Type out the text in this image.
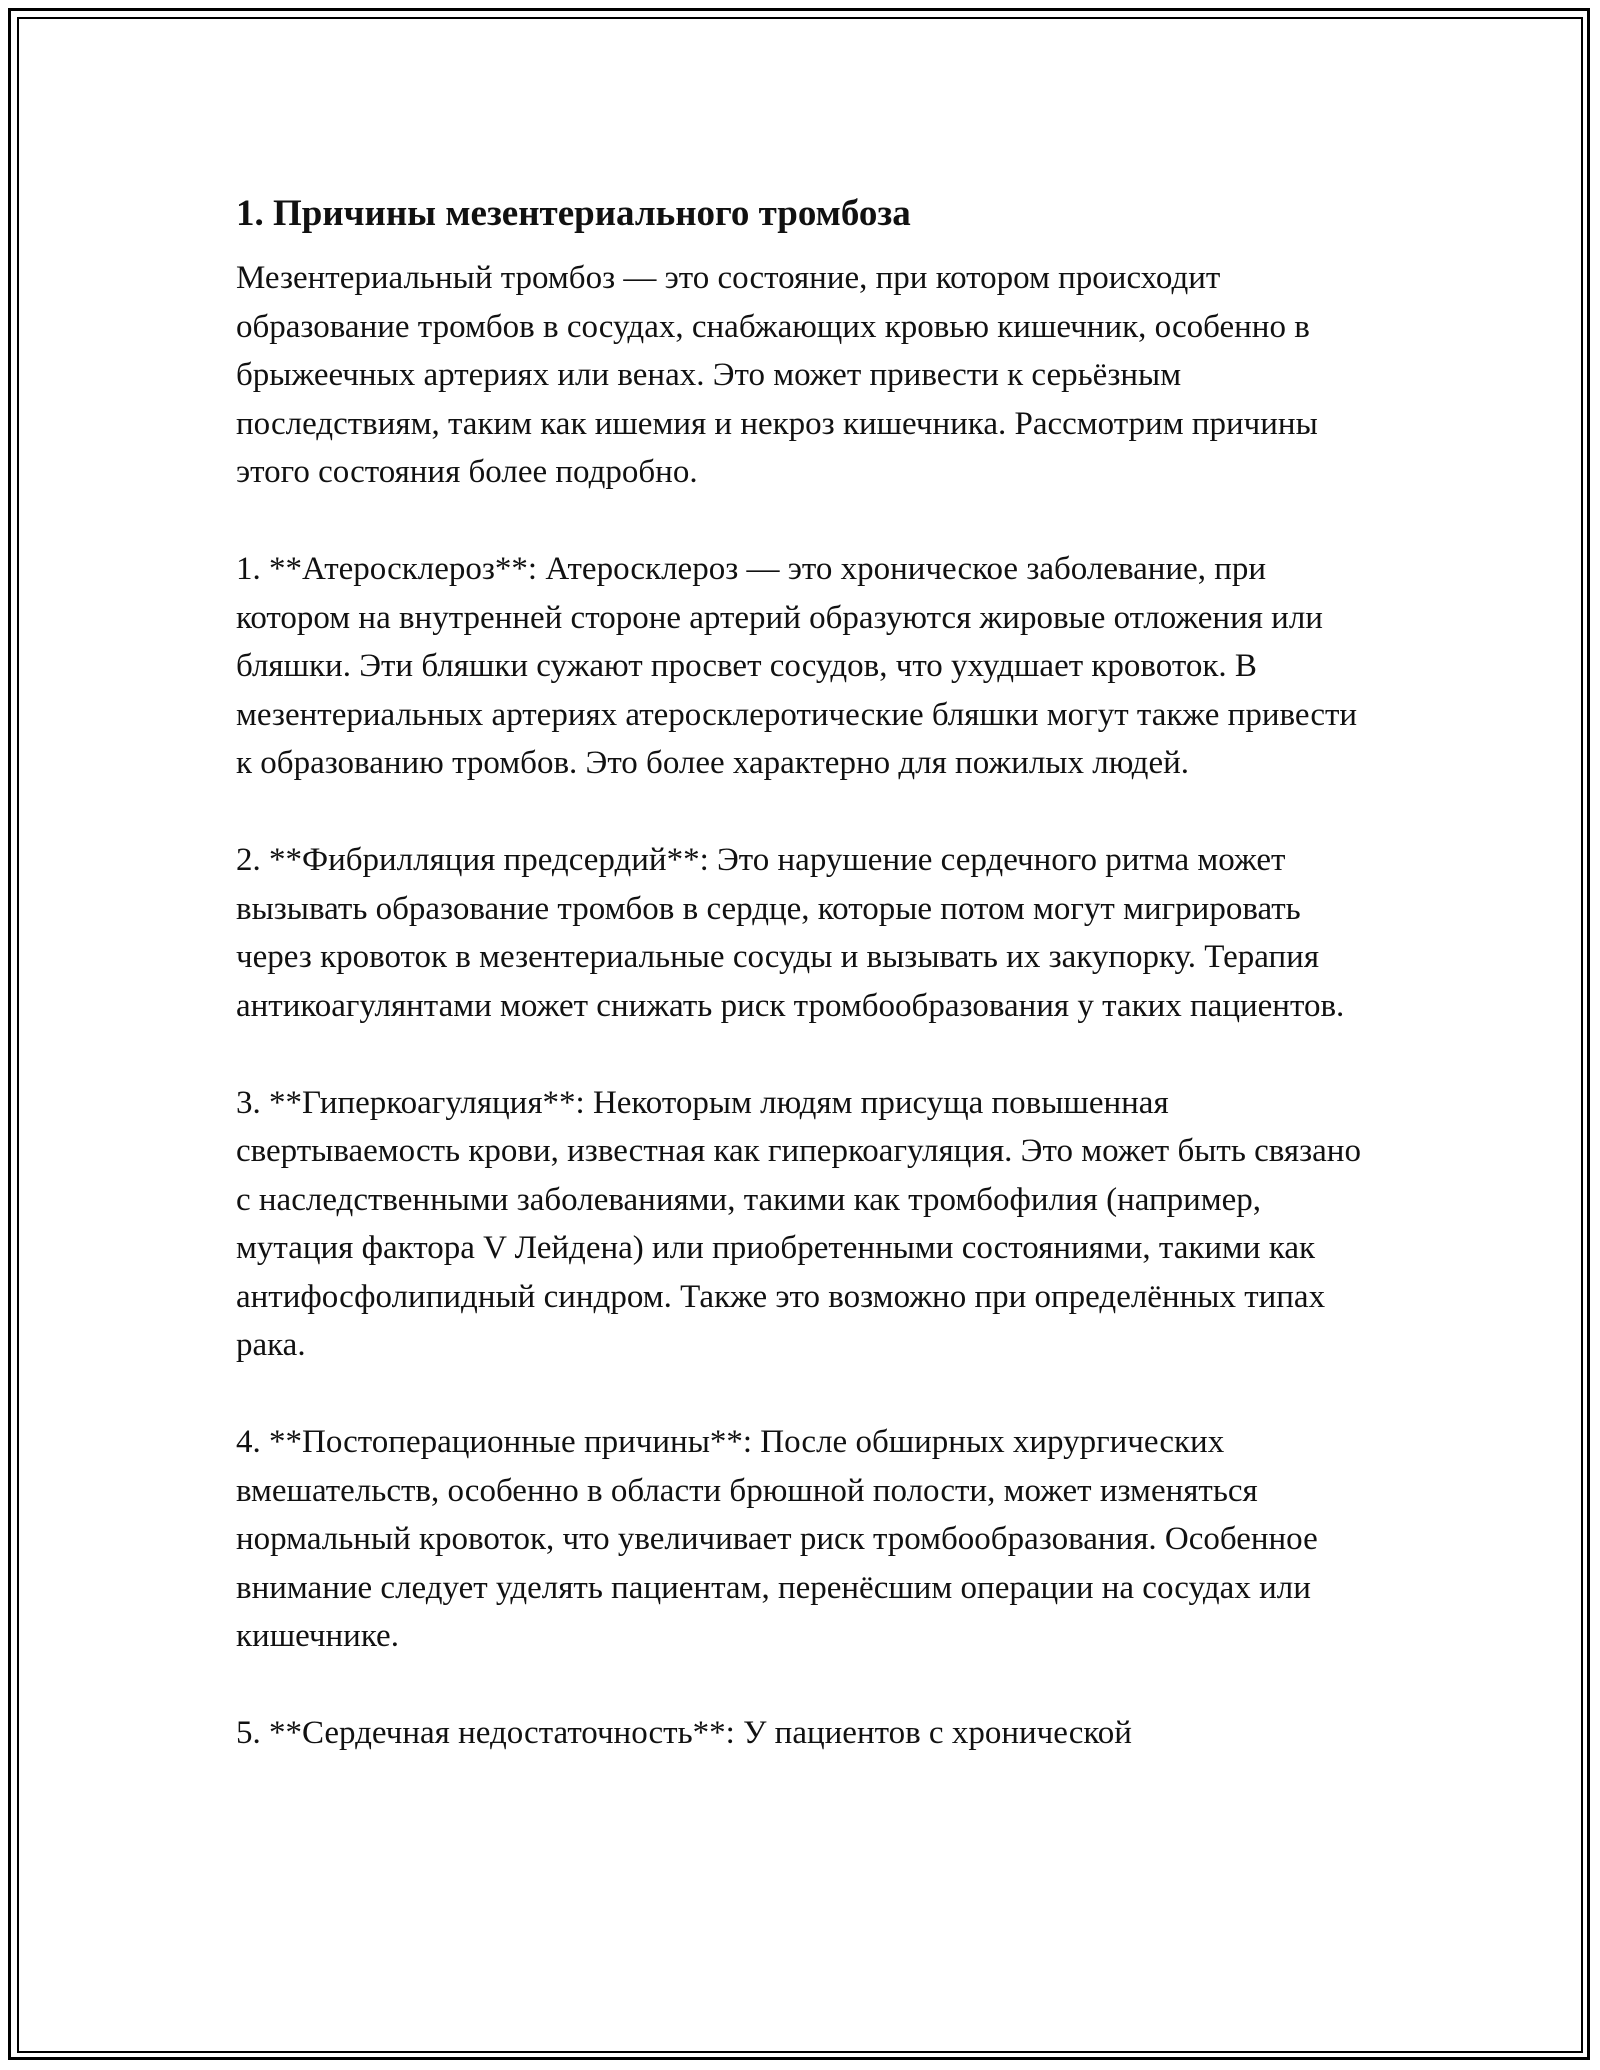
1. Причины мезентериального тромбоза

Мезентериальный тромбоз — это состояние, при котором происходит образование тромбов в сосудах, снабжающих кровью кишечник, особенно в брыжеечных артериях или венах. Это может привести к серьёзным последствиям, таким как ишемия и некроз кишечника. Рассмотрим причины этого состояния более подробно.

1. **Атеросклероз**: Атеросклероз — это хроническое заболевание, при котором на внутренней стороне артерий образуются жировые отложения или бляшки. Эти бляшки сужают просвет сосудов, что ухудшает кровоток. В мезентериальных артериях атеросклеротические бляшки могут также привести к образованию тромбов. Это более характерно для пожилых людей.

2. **Фибрилляция предсердий**: Это нарушение сердечного ритма может вызывать образование тромбов в сердце, которые потом могут мигрировать через кровоток в мезентериальные сосуды и вызывать их закупорку. Терапия антикоагулянтами может снижать риск тромбообразования у таких пациентов.

3. **Гиперкоагуляция**: Некоторым людям присуща повышенная свертываемость крови, известная как гиперкоагуляция. Это может быть связано с наследственными заболеваниями, такими как тромбофилия (например, мутация фактора V Лейдена) или приобретенными состояниями, такими как антифосфолипидный синдром. Также это возможно при определённых типах рака.

4. **Постоперационные причины**: После обширных хирургических вмешательств, особенно в области брюшной полости, может изменяться нормальный кровоток, что увеличивает риск тромбообразования. Особенное внимание следует уделять пациентам, перенёсшим операции на сосудах или кишечнике.

5. **Сердечная недостаточность**: У пациентов с хронической
